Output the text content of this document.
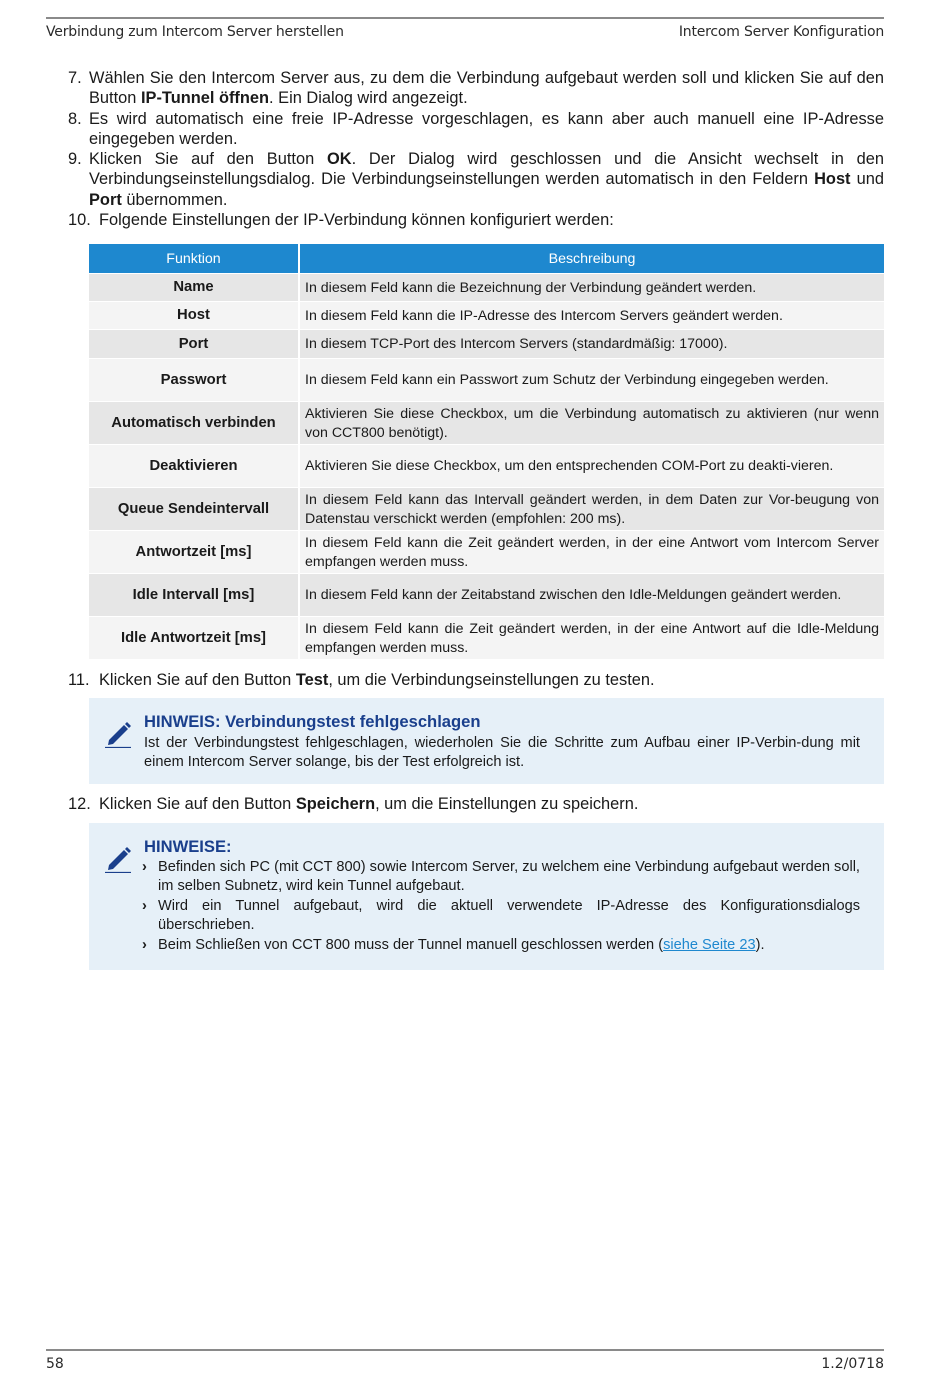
Verbindung zum Intercom Server herstellen	Intercom Server Konfiguration
7. Wählen Sie den Intercom Server aus, zu dem die Verbindung aufgebaut werden soll und klicken Sie auf den Button IP-Tunnel öffnen. Ein Dialog wird angezeigt.
8. Es wird automatisch eine freie IP-Adresse vorgeschlagen, es kann aber auch manuell eine IP-Adresse eingegeben werden.
9. Klicken Sie auf den Button OK. Der Dialog wird geschlossen und die Ansicht wechselt in den Verbindungseinstellungsdialog. Die Verbindungseinstellungen werden automatisch in den Feldern Host und Port übernommen.
10. Folgende Einstellungen der IP-Verbindung können konfiguriert werden:
Funktion	Beschreibung
Name	In diesem Feld kann die Bezeichnung der Verbindung geändert werden.
Host	In diesem Feld kann die IP-Adresse des Intercom Servers geändert werden.
Port	In diesem TCP-Port des Intercom Servers (standardmäßig: 17000).
Passwort	In diesem Feld kann ein Passwort zum Schutz der Verbindung eingegeben werden.
Automatisch verbinden	Aktivieren Sie diese Checkbox, um die Verbindung automatisch zu aktivieren (nur wenn von CCT800 benötigt).
Deaktivieren	Aktivieren Sie diese Checkbox, um den entsprechenden COM-Port zu deakti-vieren.
Queue Sendeintervall	In diesem Feld kann das Intervall geändert werden, in dem Daten zur Vor-beugung von Datenstau verschickt werden (empfohlen: 200 ms).
Antwortzeit [ms]	In diesem Feld kann die Zeit geändert werden, in der eine Antwort vom Intercom Server empfangen werden muss.
Idle Intervall [ms]	In diesem Feld kann der Zeitabstand zwischen den Idle-Meldungen geändert werden.
Idle Antwortzeit [ms]	In diesem Feld kann die Zeit geändert werden, in der eine Antwort auf die Idle-Meldung empfangen werden muss.
11. Klicken Sie auf den Button Test, um die Verbindungseinstellungen zu testen.
HINWEIS: Verbindungstest fehlgeschlagen
Ist der Verbindungstest fehlgeschlagen, wiederholen Sie die Schritte zum Aufbau einer IP-Verbin-dung mit einem Intercom Server solange, bis der Test erfolgreich ist.
12. Klicken Sie auf den Button Speichern, um die Einstellungen zu speichern.
HINWEISE:
› Befinden sich PC (mit CCT 800) sowie Intercom Server, zu welchem eine Verbindung aufgebaut werden soll, im selben Subnetz, wird kein Tunnel aufgebaut.
› Wird ein Tunnel aufgebaut, wird die aktuell verwendete IP-Adresse des Konfigurationsdialogs überschrieben.
› Beim Schließen von CCT 800 muss der Tunnel manuell geschlossen werden (siehe Seite 23).
58	1.2/0718
